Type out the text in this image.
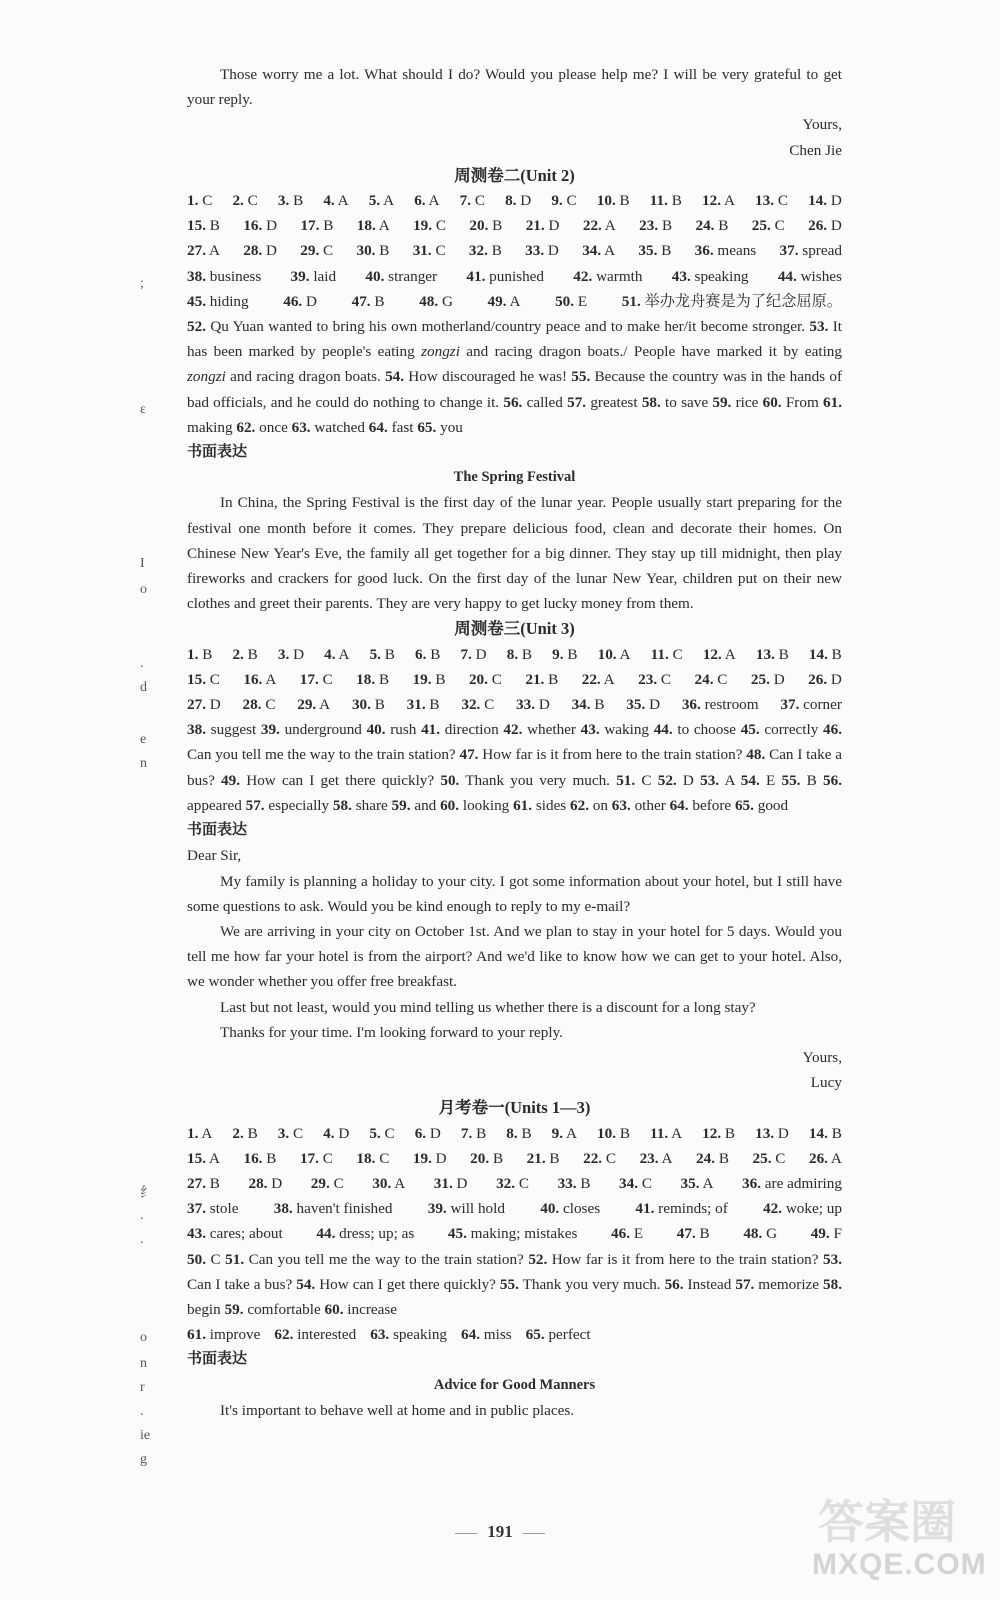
;
ε
I
o
.
d
e
n
纟
.
.
o
n
r
.
ie
g

Those worry me a lot. What should I do? Would you please help me? I will be very grateful to get your reply.

Yours,

Chen Jie

周测卷二(Unit 2)

1. C 2. C 3. B 4. A 5. A 6. A 7. C 8. D 9. C 10. B 11. B 12. A 13. C 14. D
15. B 16. D 17. B 18. A 19. C 20. B 21. D 22. A 23. B 24. B 25. C 26. D
27. A 28. D 29. C 30. B 31. C 32. B 33. D 34. A 35. B 36. means 37. spread
38. business 39. laid 40. stranger 41. punished 42. warmth 43. speaking 44. wishes
45. hiding 46. D 47. B 48. G 49. A 50. E 51. 举办龙舟赛是为了纪念屈原。

52. Qu Yuan wanted to bring his own motherland/country peace and to make her/it become stronger. 53. It has been marked by people's eating zongzi and racing dragon boats./ People have marked it by eating zongzi and racing dragon boats. 54. How discouraged he was! 55. Because the country was in the hands of bad officials, and he could do nothing to change it. 56. called 57. greatest 58. to save 59. rice 60. From 61. making 62. once 63. watched 64. fast 65. you

书面表达

The Spring Festival

In China, the Spring Festival is the first day of the lunar year. People usually start preparing for the festival one month before it comes. They prepare delicious food, clean and decorate their homes. On Chinese New Year's Eve, the family all get together for a big dinner. They stay up till midnight, then play fireworks and crackers for good luck. On the first day of the lunar New Year, children put on their new clothes and greet their parents. They are very happy to get lucky money from them.

周测卷三(Unit 3)

1. B 2. B 3. D 4. A 5. B 6. B 7. D 8. B 9. B 10. A 11. C 12. A 13. B 14. B
15. C 16. A 17. C 18. B 19. B 20. C 21. B 22. A 23. C 24. C 25. D 26. D
27. D 28. C 29. A 30. B 31. B 32. C 33. D 34. B 35. D 36. restroom 37. corner

38. suggest 39. underground 40. rush 41. direction 42. whether 43. waking 44. to choose 45. correctly 46. Can you tell me the way to the train station? 47. How far is it from here to the train station? 48. Can I take a bus? 49. How can I get there quickly? 50. Thank you very much. 51. C 52. D 53. A 54. E 55. B 56. appeared 57. especially 58. share 59. and 60. looking 61. sides 62. on 63. other 64. before 65. good

书面表达

Dear Sir,

My family is planning a holiday to your city. I got some information about your hotel, but I still have some questions to ask. Would you be kind enough to reply to my e-mail?

We are arriving in your city on October 1st. And we plan to stay in your hotel for 5 days. Would you tell me how far your hotel is from the airport? And we'd like to know how we can get to your hotel. Also, we wonder whether you offer free breakfast.

Last but not least, would you mind telling us whether there is a discount for a long stay?

Thanks for your time. I'm looking forward to your reply.

Yours,

Lucy

月考卷一(Units 1—3)

1. A 2. B 3. C 4. D 5. C 6. D 7. B 8. B 9. A 10. B 11. A 12. B 13. D 14. B
15. A 16. B 17. C 18. C 19. D 20. B 21. B 22. C 23. A 24. B 25. C 26. A
27. B 28. D 29. C 30. A 31. D 32. C 33. B 34. C 35. A 36. are admiring
37. stole 38. haven't finished 39. will hold 40. closes 41. reminds; of 42. woke; up
43. cares; about 44. dress; up; as 45. making; mistakes 46. E 47. B 48. G 49. F

50. C 51. Can you tell me the way to the train station? 52. How far is it from here to the train station? 53. Can I take a bus? 54. How can I get there quickly? 55. Thank you very much. 56. Instead 57. memorize 58. begin 59. comfortable 60. increase

61. improve 62. interested 63. speaking 64. miss 65. perfect

书面表达

Advice for Good Manners

It's important to behave well at home and in public places.

191	答案圈
MXQE.COM
